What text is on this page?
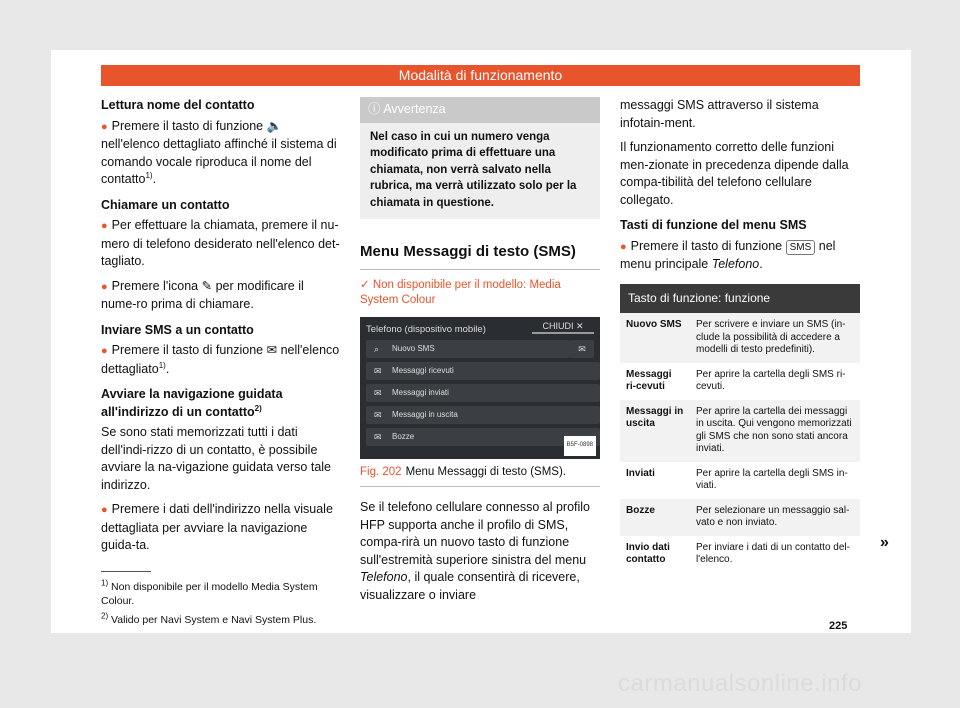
Modalità di funzionamento
Lettura nome del contatto
● Premere il tasto di funzione 🔈 nell'elenco dettagliato affinché il sistema di comando vocale riproduca il nome del contatto$^{1)}$.
Chiamare un contatto
● Per effettuare la chiamata, premere il nu-mero di telefono desiderato nell'elenco det-tagliato.
● Premere l'icona ✎ per modificare il nume-ro prima di chiamare.
Inviare SMS a un contatto
● Premere il tasto di funzione ✉ nell'elenco dettagliato$^{1)}$.
Avviare la navigazione guidata all'indirizzo di un contatto$^{2)}$
Se sono stati memorizzati tutti i dati dell'indi-rizzo di un contatto, è possibile avviare la na-vigazione guidata verso tale indirizzo.
● Premere i dati dell'indirizzo nella visuale dettagliata per avviare la navigazione guida-ta.
ⓘ Avvertenza
Nel caso in cui un numero venga modificato prima di effettuare una chiamata, non verrà salvato nella rubrica, ma verrà utilizzato solo per la chiamata in questione.
Menu Messaggi di testo (SMS)
✓ Non disponibile per il modello: Media System Colour
Telefono (dispositivo mobile)	CHIUDI ✕
⌕ Nuovo SMS	✉
✉ Messaggi ricevuti
✉ Messaggi inviati
✉ Messaggi in uscita
✉ Bozze
B5F-0898
Fig. 202 Menu Messaggi di testo (SMS).
Se il telefono cellulare connesso al profilo HFP supporta anche il profilo di SMS, compa-rirà un nuovo tasto di funzione sull'estremità superiore sinistra del menu Telefono, il quale consentirà di ricevere, visualizzare o inviare
messaggi SMS attraverso il sistema infotain-ment.
Il funzionamento corretto delle funzioni men-zionate in precedenza dipende dalla compa-tibilità del telefono cellulare collegato.
Tasti di funzione del menu SMS
● Premere il tasto di funzione SMS nel menu principale Telefono.
Tasto di funzione: funzione	
Nuovo SMS	Per scrivere e inviare un SMS (in-clude la possibilità di accedere a modelli di testo predefiniti).
Messaggi ri-cevuti	Per aprire la cartella degli SMS ri-cevuti.
Messaggi in uscita	Per aprire la cartella dei messaggi in uscita. Qui vengono memorizzati gli SMS che non sono stati ancora inviati.
Inviati	Per aprire la cartella degli SMS in-viati.
Bozze	Per selezionare un messaggio sal-vato e non inviato.
Invio dati contatto	Per inviare i dati di un contatto del-l'elenco.
»
$^{1)}$ Non disponibile per il modello Media System Colour.
$^{2)}$ Valido per Navi System e Navi System Plus.	225
carmanualsonline.info
